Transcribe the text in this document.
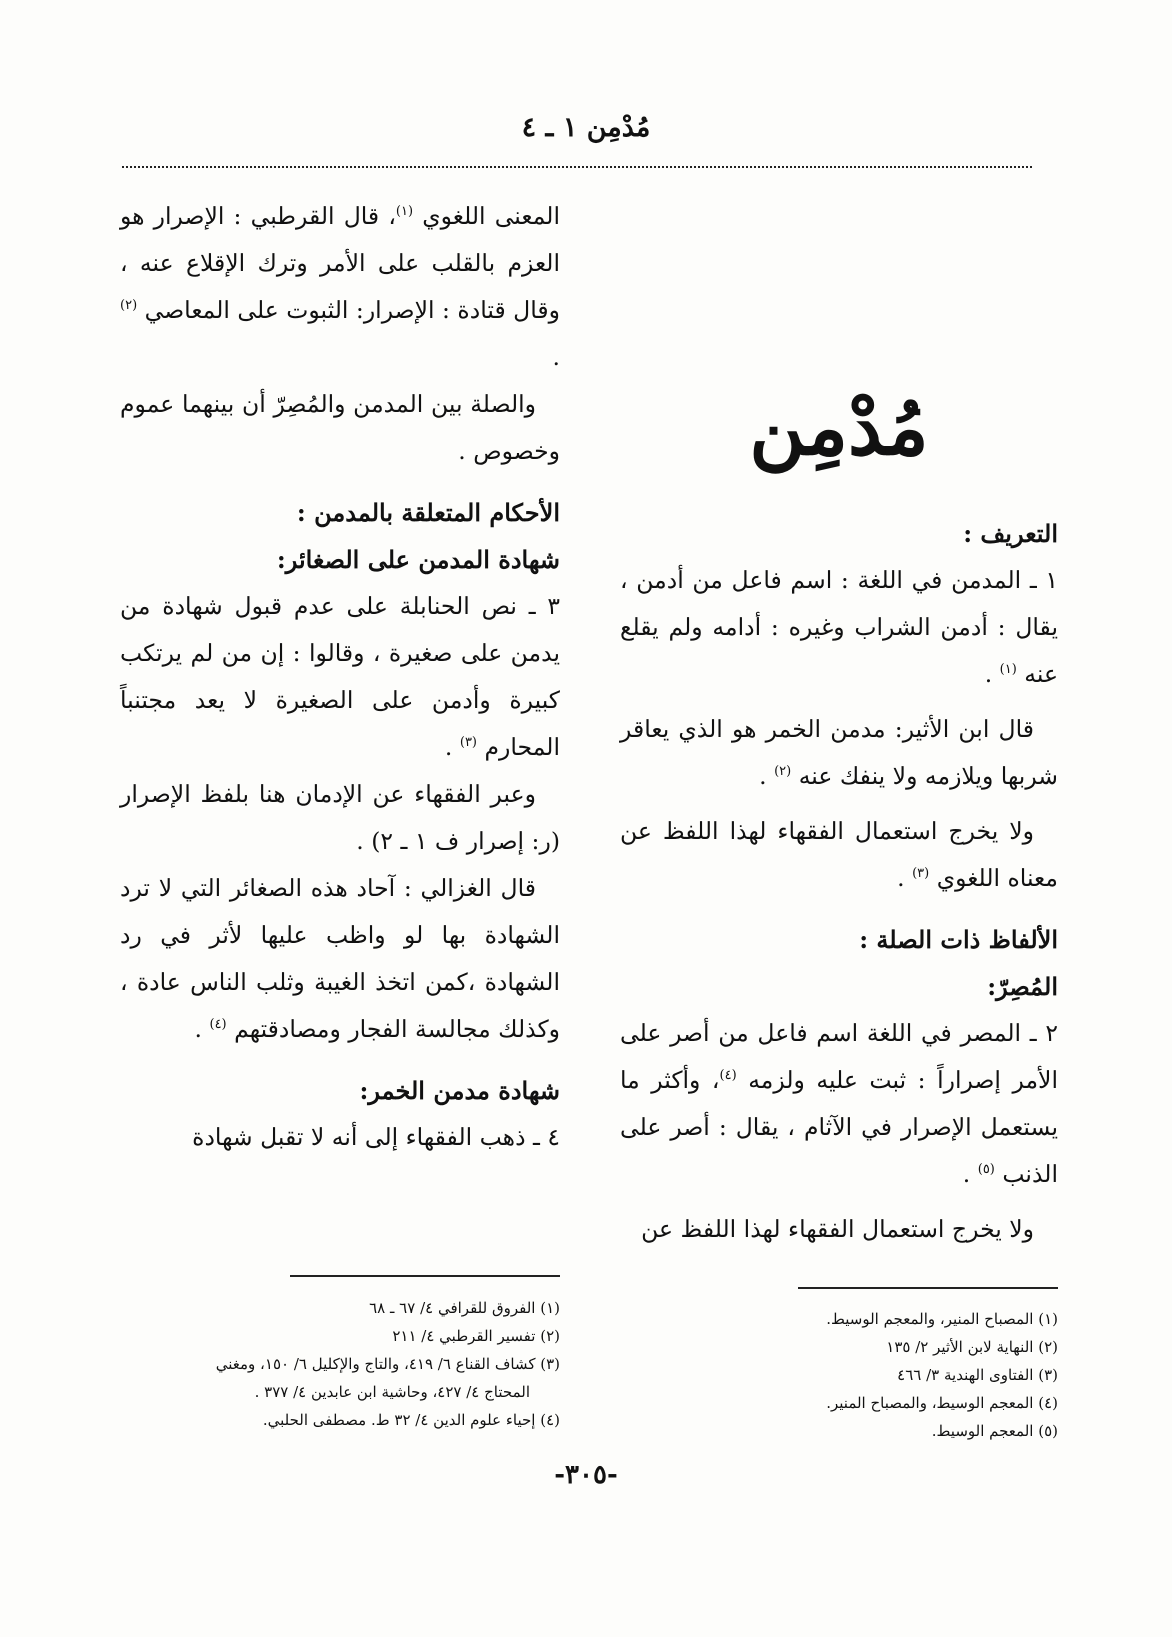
مُدْمِن ١ ـ ٤
مُدْمِن
التعريف :

١ ـ المدمن في اللغة : اسم فاعل من أدمن ، يقال : أدمن الشراب وغيره : أدامه ولم يقلع عنه $^{(١)}$ .

قال ابن الأثير: مدمن الخمر هو الذي يعاقر شربها ويلازمه ولا ينفك عنه $^{(٢)}$ .

ولا يخرج استعمال الفقهاء لهذا اللفظ عن معناه اللغوي $^{(٣)}$ .

الألفاظ ذات الصلة :
المُصِرّ:

٢ ـ المصر في اللغة اسم فاعل من أصر على الأمر إصراراً : ثبت عليه ولزمه $^{(٤)}$، وأكثر ما يستعمل الإصرار في الآثام ، يقال : أصر على الذنب $^{(٥)}$ .

ولا يخرج استعمال الفقهاء لهذا اللفظ عن

المعنى اللغوي $^{(١)}$، قال القرطبي : الإصرار هو العزم بالقلب على الأمر وترك الإقلاع عنه ، وقال قتادة : الإصرار: الثبوت على المعاصي $^{(٢)}$ .

والصلة بين المدمن والمُصِرّ أن بينهما عموم وخصوص .

الأحكام المتعلقة بالمدمن :
شهادة المدمن على الصغائر:

٣ ـ نص الحنابلة على عدم قبول شهادة من يدمن على صغيرة ، وقالوا : إن من لم يرتكب كبيرة وأدمن على الصغيرة لا يعد مجتنباً المحارم $^{(٣)}$ .

وعبر الفقهاء عن الإدمان هنا بلفظ الإصرار (ر: إصرار ف ١ ـ ٢) .

قال الغزالي : آحاد هذه الصغائر التي لا ترد الشهادة بها لو واظب عليها لأثر في رد الشهادة ،كمن اتخذ الغيبة وثلب الناس عادة ، وكذلك مجالسة الفجار ومصادقتهم $^{(٤)}$ .

شهادة مدمن الخمر:

٤ ـ ذهب الفقهاء إلى أنه لا تقبل شهادة

(١) المصباح المنير، والمعجم الوسيط.
(٢) النهاية لابن الأثير ٢/ ١٣٥
(٣) الفتاوى الهندية ٣/ ٤٦٦
(٤) المعجم الوسيط، والمصباح المنير.
(٥) المعجم الوسيط.
(١) الفروق للقرافي ٤/ ٦٧ ـ ٦٨
(٢) تفسير القرطبي ٤/ ٢١١
(٣) كشاف القناع ٦/ ٤١٩، والتاج والإكليل ٦/ ١٥٠، ومغني
المحتاج ٤/ ٤٢٧، وحاشية ابن عابدين ٤/ ٣٧٧ .
(٤) إحياء علوم الدين ٤/ ٣٢ ط. مصطفى الحلبي.
-٣٠٥-
